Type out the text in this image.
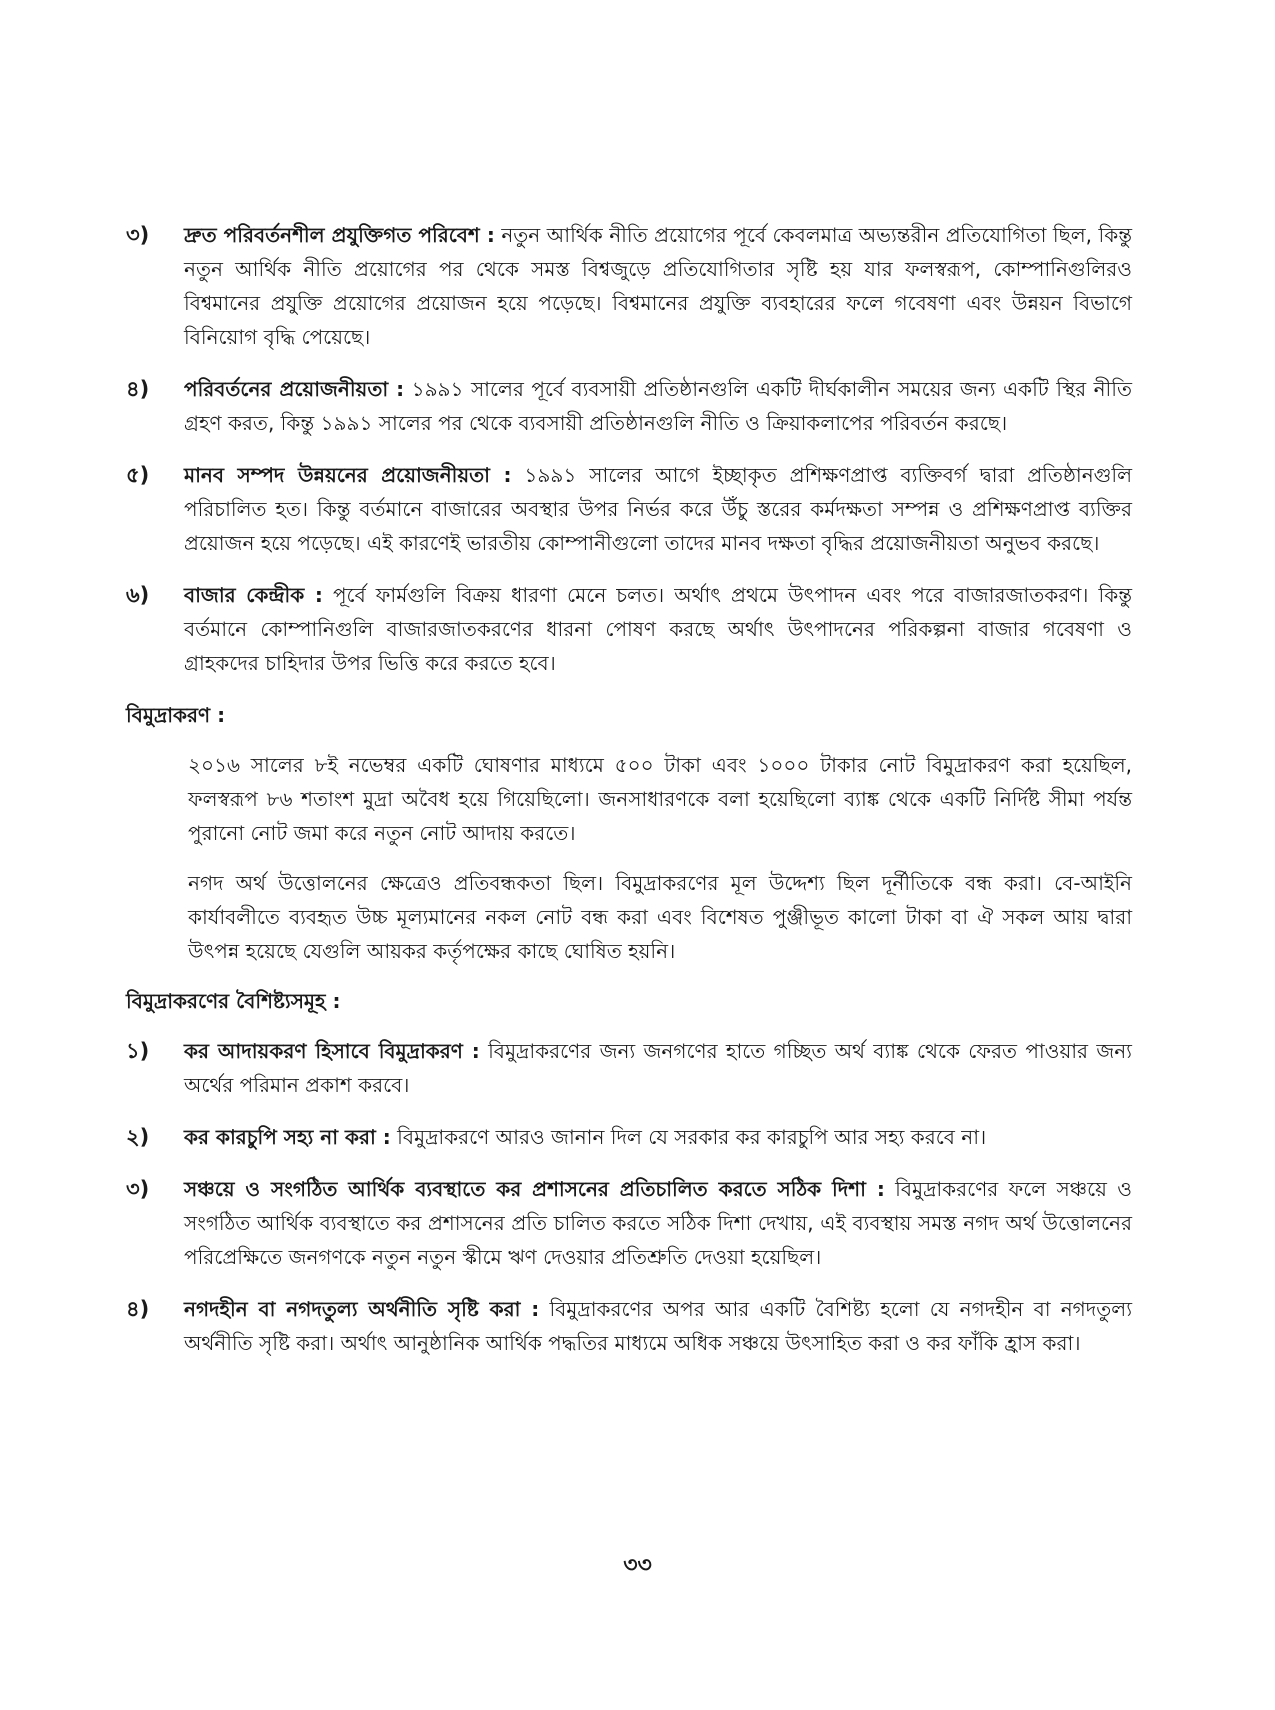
৩)	দ্রুত পরিবর্তনশীল প্রযুক্তিগত পরিবেশ : নতুন আর্থিক নীতি প্রয়োগের পূর্বে কেবলমাত্র অভ্যন্তরীন প্রতিযোগিতা ছিল, কিন্তু নতুন আর্থিক নীতি প্রয়োগের পর থেকে সমস্ত বিশ্বজুড়ে প্রতিযোগিতার সৃষ্টি হয় যার ফলস্বরূপ, কোম্পানিগুলিরও বিশ্বমানের প্রযুক্তি প্রয়োগের প্রয়োজন হয়ে পড়েছে। বিশ্বমানের প্রযুক্তি ব্যবহারের ফলে গবেষণা এবং উন্নয়ন বিভাগে বিনিয়োগ বৃদ্ধি পেয়েছে।
৪)	পরিবর্তনের প্রয়োজনীয়তা : ১৯৯১ সালের পূর্বে ব্যবসায়ী প্রতিষ্ঠানগুলি একটি দীর্ঘকালীন সময়ের জন্য একটি স্থির নীতি গ্রহণ করত, কিন্তু ১৯৯১ সালের পর থেকে ব্যবসায়ী প্রতিষ্ঠানগুলি নীতি ও ক্রিয়াকলাপের পরিবর্তন করছে।
৫)	মানব সম্পদ উন্নয়নের প্রয়োজনীয়তা : ১৯৯১ সালের আগে ইচ্ছাকৃত প্রশিক্ষণপ্রাপ্ত ব্যক্তিবর্গ দ্বারা প্রতিষ্ঠানগুলি পরিচালিত হত। কিন্তু বর্তমানে বাজারের অবস্থার উপর নির্ভর করে উঁচু স্তরের কর্মদক্ষতা সম্পন্ন ও প্রশিক্ষণপ্রাপ্ত ব্যক্তির প্রয়োজন হয়ে পড়েছে। এই কারণেই ভারতীয় কোম্পানীগুলো তাদের মানব দক্ষতা বৃদ্ধির প্রয়োজনীয়তা অনুভব করছে।
৬)	বাজার কেন্দ্রীক : পূর্বে ফার্মগুলি বিক্রয় ধারণা মেনে চলত। অর্থাৎ প্রথমে উৎপাদন এবং পরে বাজারজাতকরণ। কিন্তু বর্তমানে কোম্পানিগুলি বাজারজাতকরণের ধারনা পোষণ করছে অর্থাৎ উৎপাদনের পরিকল্পনা বাজার গবেষণা ও গ্রাহকদের চাহিদার উপর ভিত্তি করে করতে হবে।
বিমুদ্রাকরণ :
২০১৬ সালের ৮ই নভেম্বর একটি ঘোষণার মাধ্যমে ৫০০ টাকা এবং ১০০০ টাকার নোট বিমুদ্রাকরণ করা হয়েছিল, ফলস্বরূপ ৮৬ শতাংশ মুদ্রা অবৈধ হয়ে গিয়েছিলো। জনসাধারণকে বলা হয়েছিলো ব্যাঙ্ক থেকে একটি নির্দিষ্ট সীমা পর্যন্ত পুরানো নোট জমা করে নতুন নোট আদায় করতে।
নগদ অর্থ উত্তোলনের ক্ষেত্রেও প্রতিবন্ধকতা ছিল। বিমুদ্রাকরণের মূল উদ্দেশ্য ছিল দূর্নীতিকে বন্ধ করা। বে-আইনি কার্যাবলীতে ব্যবহৃত উচ্চ মূল্যমানের নকল নোট বন্ধ করা এবং বিশেষত পুঞ্জীভূত কালো টাকা বা ঐ সকল আয় দ্বারা উৎপন্ন হয়েছে যেগুলি আয়কর কর্তৃপক্ষের কাছে ঘোষিত হয়নি।
বিমুদ্রাকরণের বৈশিষ্ট্যসমূহ :
১)	কর আদায়করণ হিসাবে বিমুদ্রাকরণ : বিমুদ্রাকরণের জন্য জনগণের হাতে গচ্ছিত অর্থ ব্যাঙ্ক থেকে ফেরত পাওয়ার জন্য অর্থের পরিমান প্রকাশ করবে।
২)	কর কারচুপি সহ্য না করা : বিমুদ্রাকরণে আরও জানান দিল যে সরকার কর কারচুপি আর সহ্য করবে না।
৩)	সঞ্চয়ে ও সংগঠিত আর্থিক ব্যবস্থাতে কর প্রশাসনের প্রতিচালিত করতে সঠিক দিশা : বিমুদ্রাকরণের ফলে সঞ্চয়ে ও সংগঠিত আর্থিক ব্যবস্থাতে কর প্রশাসনের প্রতি চালিত করতে সঠিক দিশা দেখায়, এই ব্যবস্থায় সমস্ত নগদ অর্থ উত্তোলনের পরিপ্রেক্ষিতে জনগণকে নতুন নতুন স্কীমে ঋণ দেওয়ার প্রতিশ্রুতি দেওয়া হয়েছিল।
৪)	নগদহীন বা নগদতুল্য অর্থনীতি সৃষ্টি করা : বিমুদ্রাকরণের অপর আর একটি বৈশিষ্ট্য হলো যে নগদহীন বা নগদতুল্য অর্থনীতি সৃষ্টি করা। অর্থাৎ আনুষ্ঠানিক আর্থিক পদ্ধতির মাধ্যমে অধিক সঞ্চয়ে উৎসাহিত করা ও কর ফাঁকি হ্রাস করা।
৩৩
